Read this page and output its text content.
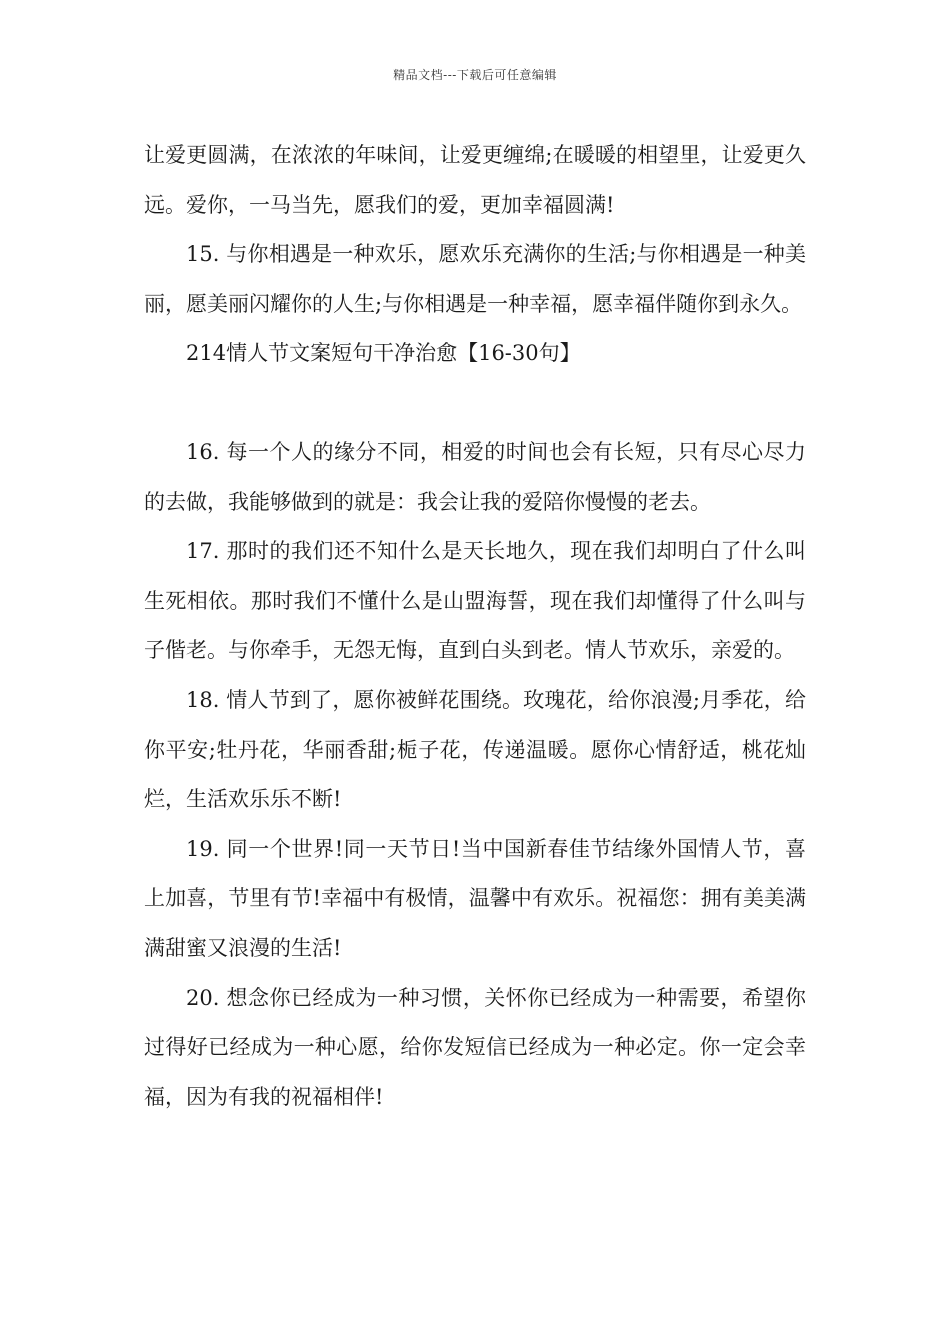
精品文档---下载后可任意编辑

让爱更圆满，在浓浓的年味间，让爱更缠绵;在暖暖的相望里，让爱更久远。爱你，一马当先，愿我们的爱，更加幸福圆满!

15. 与你相遇是一种欢乐，愿欢乐充满你的生活;与你相遇是一种美丽，愿美丽闪耀你的人生;与你相遇是一种幸福，愿幸福伴随你到永久。

214情人节文案短句干净治愈【16-30句】

16. 每一个人的缘分不同，相爱的时间也会有长短，只有尽心尽力的去做，我能够做到的就是：我会让我的爱陪你慢慢的老去。

17. 那时的我们还不知什么是天长地久，现在我们却明白了什么叫生死相依。那时我们不懂什么是山盟海誓，现在我们却懂得了什么叫与子偕老。与你牵手，无怨无悔，直到白头到老。情人节欢乐，亲爱的。

18. 情人节到了，愿你被鲜花围绕。玫瑰花，给你浪漫;月季花，给你平安;牡丹花，华丽香甜;栀子花，传递温暖。愿你心情舒适，桃花灿烂，生活欢乐乐不断!

19. 同一个世界!同一天节日!当中国新春佳节结缘外国情人节，喜上加喜，节里有节!幸福中有极情，温馨中有欢乐。祝福您：拥有美美满满甜蜜又浪漫的生活!

20. 想念你已经成为一种习惯，关怀你已经成为一种需要，希望你过得好已经成为一种心愿，给你发短信已经成为一种必定。你一定会幸福，因为有我的祝福相伴!
